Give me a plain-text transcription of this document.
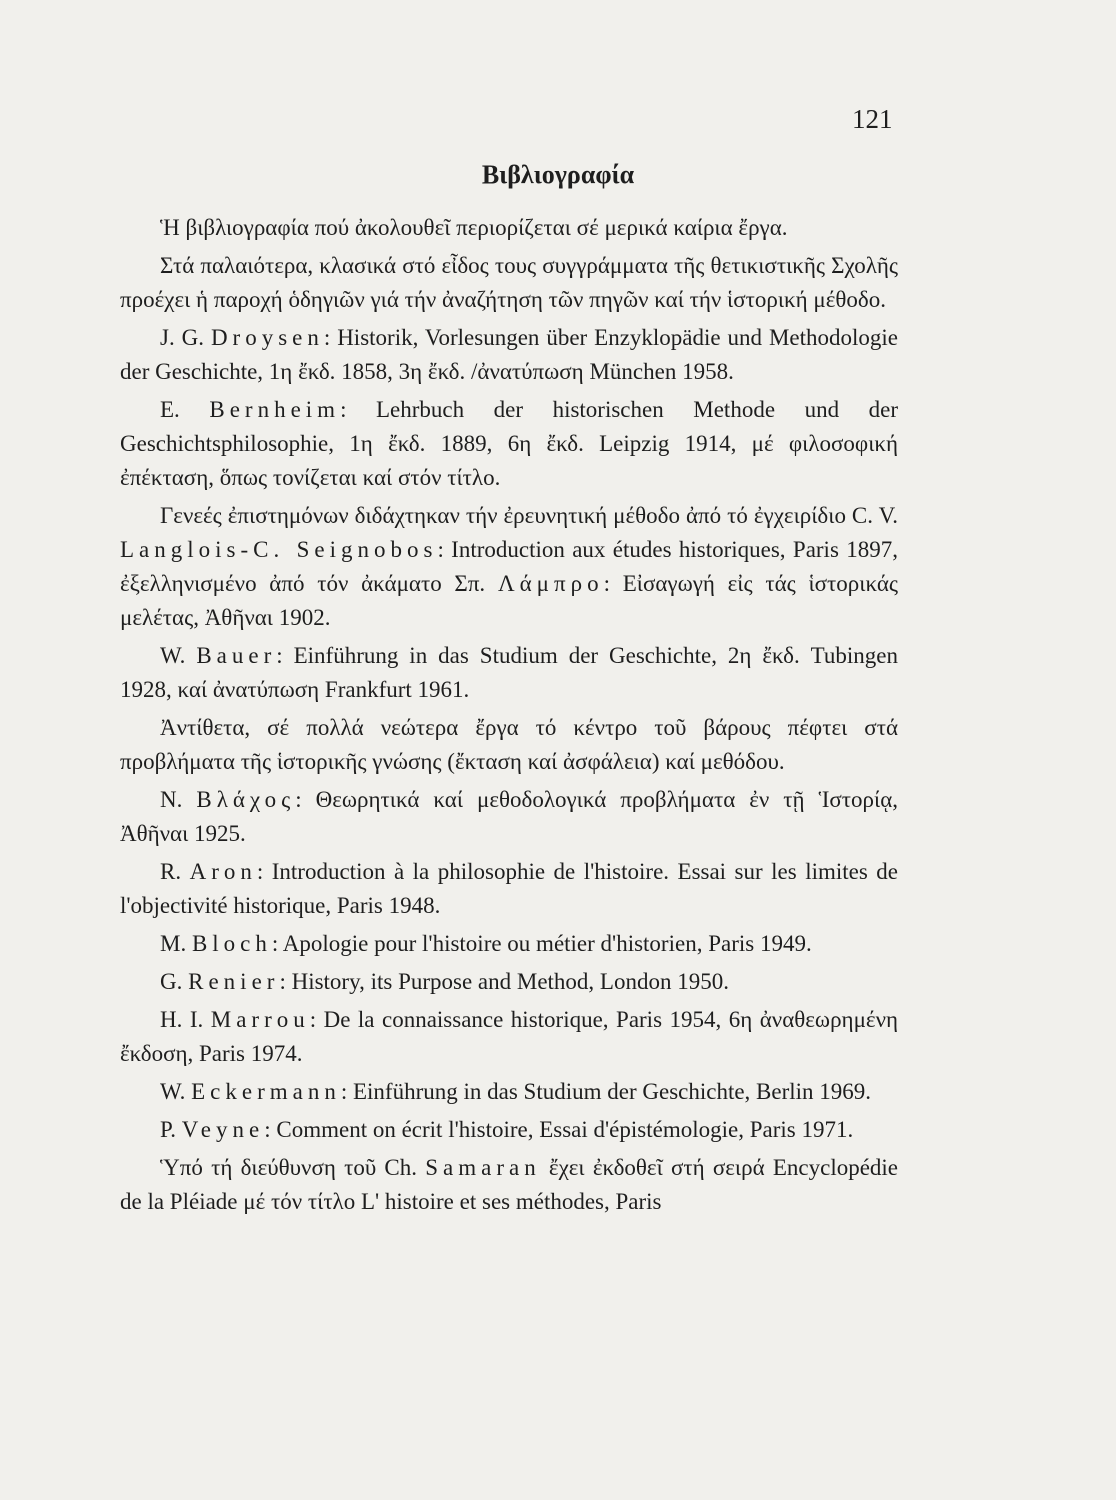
121
Βιβλιογραφία

Ἡ βιβλιογραφία πού ἀκολουθεῖ περιορίζεται σέ μερικά καίρια ἔργα.

Στά παλαιότερα, κλασικά στό εἶδος τους συγγράμματα τῆς θετικιστικῆς Σχολῆς προέχει ἡ παροχή ὁδηγιῶν γιά τήν ἀναζήτηση τῶν πηγῶν καί τήν ἱστορική μέθοδο.

J. G. Droysen: Historik, Vorlesungen über Enzyklopädie und Methodologie der Geschichte, 1η ἔκδ. 1858, 3η ἔκδ. /ἀνατύπωση München 1958.

E. Bernheim: Lehrbuch der historischen Methode und der Geschichtsphilosophie, 1η ἔκδ. 1889, 6η ἔκδ. Leipzig 1914, μέ φιλοσοφική ἐπέκταση, ὅπως τονίζεται καί στόν τίτλο.

Γενεές ἐπιστημόνων διδάχτηκαν τήν ἐρευνητική μέθοδο ἀπό τό ἐγχειρίδιο C. V. Langlois-C. Seignobos: Introduction aux études historiques, Paris 1897, ἐξελληνισμένο ἀπό τόν ἀκάματο Σπ. Λάμπρο: Εἰσαγωγή εἰς τάς ἱστορικάς μελέτας, Ἀθῆναι 1902.

W. Bauer: Einführung in das Studium der Geschichte, 2η ἔκδ. Tubingen 1928, καί ἀνατύπωση Frankfurt 1961.

Ἀντίθετα, σέ πολλά νεώτερα ἔργα τό κέντρο τοῦ βάρους πέφτει στά προβλήματα τῆς ἱστορικῆς γνώσης (ἔκταση καί ἀσφάλεια) καί μεθόδου.

N. Βλάχος: Θεωρητικά καί μεθοδολογικά προβλήματα ἐν τῇ Ἱστορίᾳ, Ἀθῆναι 1925.

R. Aron: Introduction à la philosophie de l'histoire. Essai sur les limites de l'objectivité historique, Paris 1948.

M. Bloch: Apologie pour l'histoire ou métier d'historien, Paris 1949.

G. Renier: History, its Purpose and Method, London 1950.

H. I. Marrou: De la connaissance historique, Paris 1954, 6η ἀναθεωρημένη ἔκδοση, Paris 1974.

W. Eckermann: Einführung in das Studium der Geschichte, Berlin 1969.

P. Veyne: Comment on écrit l'histoire, Essai d'épistémologie, Paris 1971.

Ὑπό τή διεύθυνση τοῦ Ch. Samaran ἔχει ἐκδοθεῖ στή σειρά Encyclopédie de la Pléiade μέ τόν τίτλο L' histoire et ses méthodes, Paris
